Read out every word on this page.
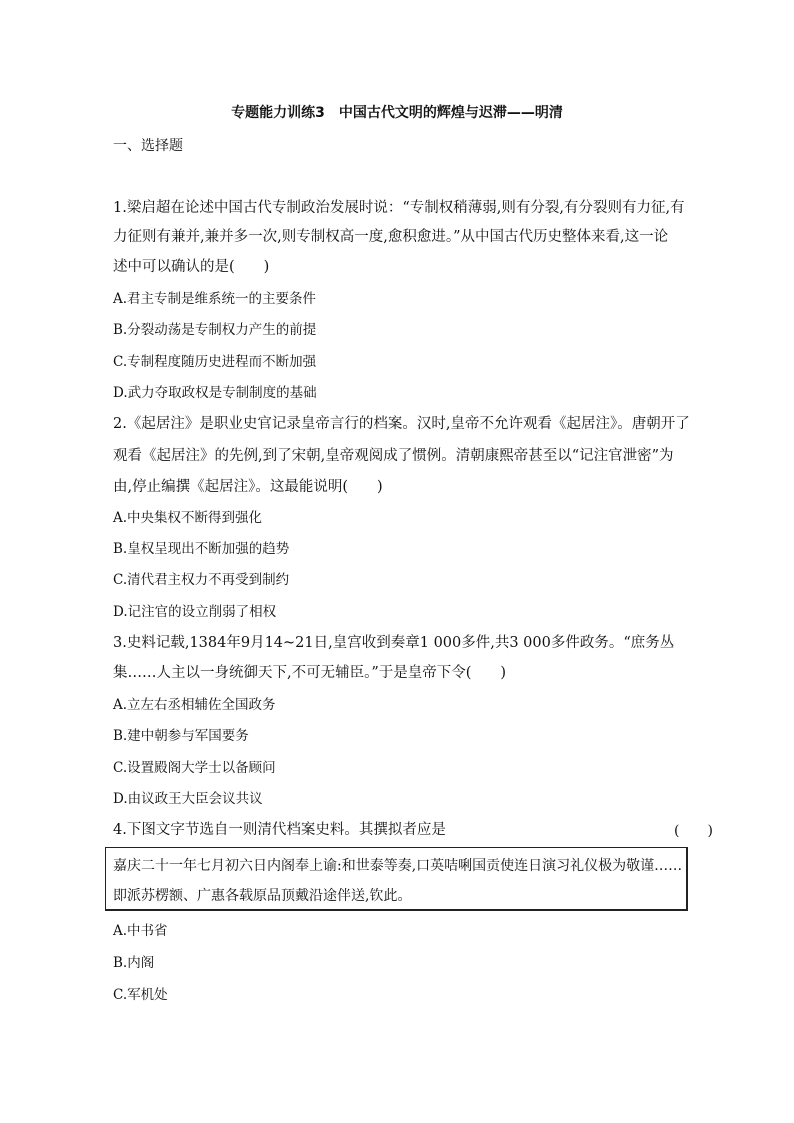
专题能力训练3　中国古代文明的辉煌与迟滞——明清
一、选择题
1.梁启超在论述中国古代专制政治发展时说：“专制权稍薄弱,则有分裂,有分裂则有力征,有
力征则有兼并,兼并多一次,则专制权高一度,愈积愈进。”从中国古代历史整体来看,这一论
述中可以确认的是(　　)
A.君主专制是维系统一的主要条件
B.分裂动荡是专制权力产生的前提
C.专制程度随历史进程而不断加强
D.武力夺取政权是专制制度的基础
2.《起居注》是职业史官记录皇帝言行的档案。汉时,皇帝不允许观看《起居注》。唐朝开了
观看《起居注》的先例,到了宋朝,皇帝观阅成了惯例。清朝康熙帝甚至以“记注官泄密”为
由,停止编撰《起居注》。这最能说明(　　)
A.中央集权不断得到强化
B.皇权呈现出不断加强的趋势
C.清代君主权力不再受到制约
D.记注官的设立削弱了相权
3.史料记载,1384年9月14~21日,皇宫收到奏章1 000多件,共3 000多件政务。“庶务丛
集……人主以一身统御天下,不可无辅臣。”于是皇帝下令(　　)
A.立左右丞相辅佐全国政务
B.建中朝参与军国要务
C.设置殿阁大学士以备顾问
D.由议政王大臣会议共议
4.下图文字节选自一则清代档案史料。其撰拟者应是	(　　)
嘉庆二十一年七月初六日内阁奉上谕:和世泰等奏,口英咭唎国贡使连日演习礼仪极为敬谨……
即派苏楞额、广惠各载原品顶戴沿途伴送,钦此。
A.中书省
B.内阁
C.军机处
